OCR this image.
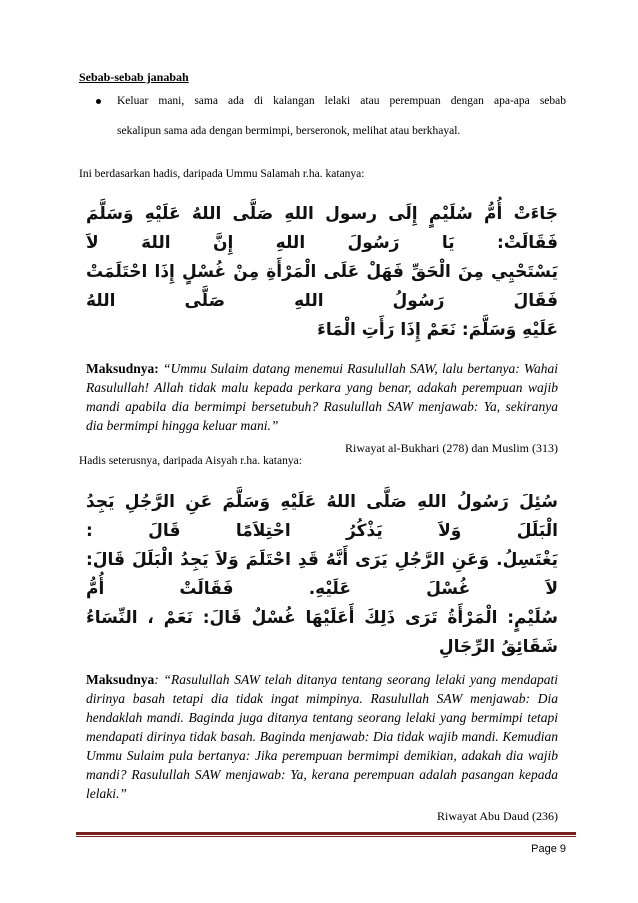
Sebab-sebab janabah
Keluar mani, sama ada di kalangan lelaki atau perempuan dengan apa-apa sebab
sekalipun sama ada dengan bermimpi, berseronok, melihat atau berkhayal.
Ini berdasarkan hadis, daripada Ummu Salamah r.ha. katanya:
جَاءَتْ أُمُّ سُلَيْمٍ إِلَى رسول اللهِ صَلَّى اللهُ عَلَيْهِ وَسَلَّمَ فَقَالَتْ: يَا رَسُولَ اللهِ إِنَّ اللهَ لاَ
يَسْتَحْيِي مِنَ الْحَقِّ فَهَلْ عَلَى الْمَرْأَةِ مِنْ غُسْلٍ إِذَا احْتَلَمَتْ فَقَالَ رَسُولُ اللهِ صَلَّى اللهُ
عَلَيْهِ وَسَلَّمَ: نَعَمْ إِذَا رَأَتِ الْمَاءَ
Maksudnya: “Ummu Sulaim datang menemui Rasulullah SAW, lalu bertanya: Wahai Rasulullah! Allah tidak malu kepada perkara yang benar, adakah perempuan wajib mandi apabila dia bermimpi bersetubuh? Rasulullah SAW menjawab: Ya, sekiranya dia bermimpi hingga keluar mani.”
Riwayat al-Bukhari (278) dan Muslim (313)
Hadis seterusnya, daripada Aisyah r.ha. katanya:
سُئِلَ رَسُولُ اللهِ صَلَّى اللهُ عَلَيْهِ وَسَلَّمَ عَنِ الرَّجُلِ يَجِدُ الْبَلَلَ وَلاَ يَذْكُرُ احْتِلاَمًا قَالَ :
يَغْتَسِلُ. وَعَنِ الرَّجُلِ يَرَى أَنَّهُ قَدِ احْتَلَمَ وَلاَ يَجِدُ الْبَلَلَ قَالَ: لاَ غُسْلَ عَلَيْهِ. فَقَالَتْ أُمُّ
سُلَيْمٍ: الْمَرْأَةُ تَرَى ذَلِكَ أَعَلَيْهَا غُسْلٌ قَالَ: نَعَمْ ، النِّسَاءُ شَقَائِقُ الرِّجَالِ
Maksudnya: “Rasulullah SAW telah ditanya tentang seorang lelaki yang mendapati dirinya basah tetapi dia tidak ingat mimpinya. Rasulullah SAW menjawab: Dia hendaklah mandi. Baginda juga ditanya tentang seorang lelaki yang bermimpi tetapi mendapati dirinya tidak basah. Baginda menjawab: Dia tidak wajib mandi. Kemudian Ummu Sulaim pula bertanya: Jika perempuan bermimpi demikian, adakah dia wajib mandi? Rasulullah SAW menjawab: Ya, kerana perempuan adalah pasangan kepada lelaki.”
Riwayat Abu Daud (236)
Page 9
